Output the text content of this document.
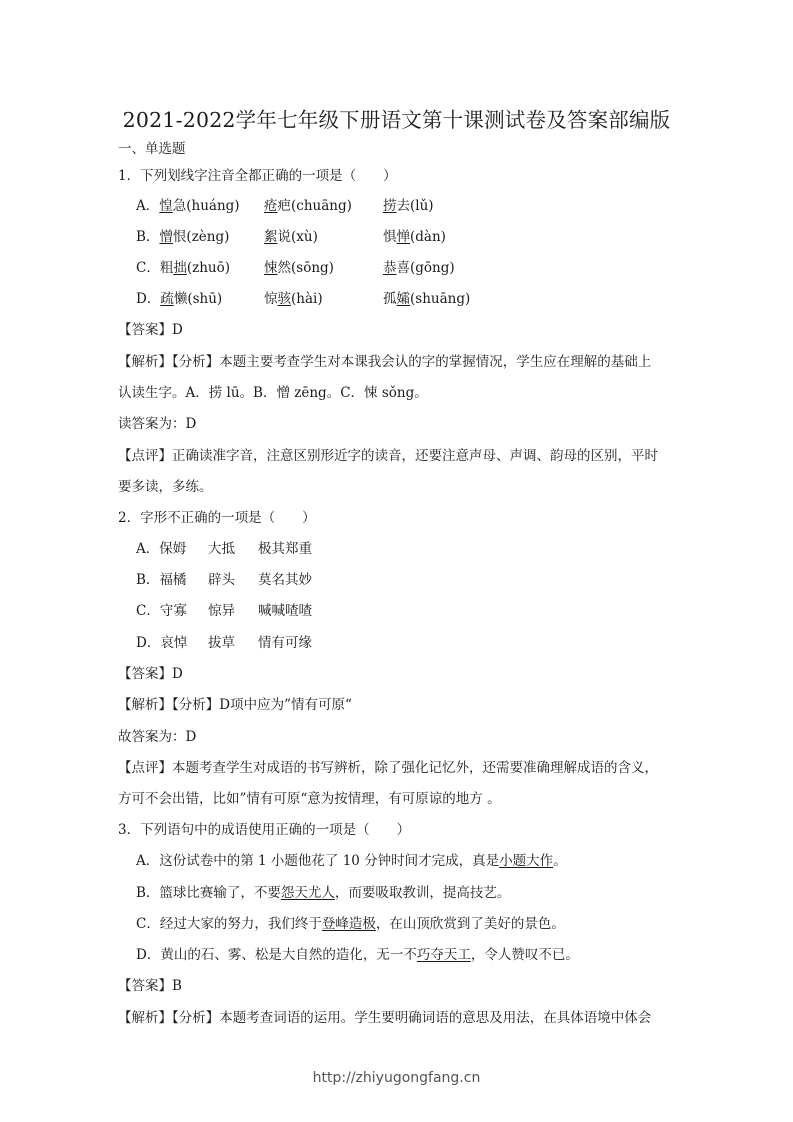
2021-2022学年七年级下册语文第十课测试卷及答案部编版
一、单选题
1．下列划线字注音全都正确的一项是（　　）
A．惶急(huáng) 疮疤(chuāng) 捞去(lǔ)
B．憎恨(zèng)	絮说(xù)	惧惮(dàn)
C．粗拙(zhuō)	悚然(sōng)	恭喜(gōng)
D．疏懒(shū)	惊骇(hài)	孤孀(shuāng)
【答案】D
【解析】【分析】本题主要考查学生对本课我会认的字的掌握情况，学生应在理解的基础上
认读生字。A．捞 lū。B．憎 zēng。C．悚 sǒng。
读答案为：D
【点评】正确读准字音，注意区别形近字的读音，还要注意声母、声调、韵母的区别，平时
要多读，多练。
2．字形不正确的一项是（　　）
A．保姆 大抵 极其郑重
B．福橘 辟头 莫名其妙
C．守寡 惊异 喊喊喳喳
D．哀悼 拔草 情有可缘
【答案】D
【解析】【分析】D项中应为”情有可原“
故答案为：D
【点评】本题考查学生对成语的书写辨析，除了强化记忆外，还需要准确理解成语的含义，
方可不会出错，比如”情有可原“意为按情理，有可原谅的地方 。
3．下列语句中的成语使用正确的一项是（　　）
A．这份试卷中的第 1 小题他花了 10 分钟时间才完成，真是小题大作。
B．篮球比赛输了，不要怨天尤人，而要吸取教训，提高技艺。
C．经过大家的努力，我们终于登峰造极，在山顶欣赏到了美好的景色。
D．黄山的石、雾、松是大自然的造化，无一不巧夺天工，令人赞叹不已。
【答案】B
【解析】【分析】本题考查词语的运用。学生要明确词语的意思及用法，在具体语境中体会
http://zhiyugongfang.cn
